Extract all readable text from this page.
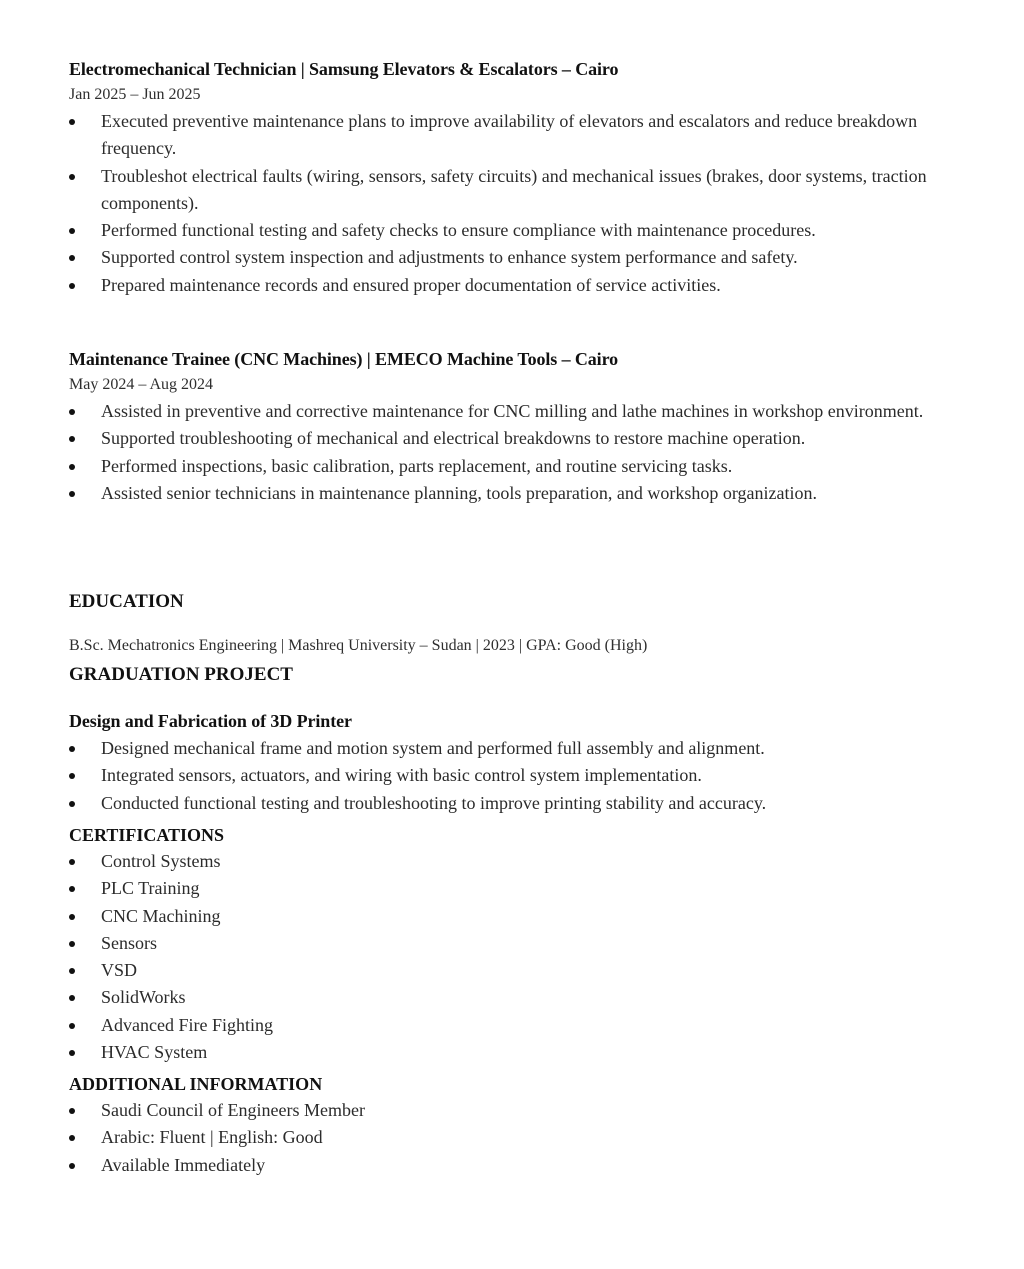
Electromechanical Technician | Samsung Elevators & Escalators – Cairo
Jan 2025 – Jun 2025
Executed preventive maintenance plans to improve availability of elevators and escalators and reduce breakdown frequency.
Troubleshot electrical faults (wiring, sensors, safety circuits) and mechanical issues (brakes, door systems, traction components).
Performed functional testing and safety checks to ensure compliance with maintenance procedures.
Supported control system inspection and adjustments to enhance system performance and safety.
Prepared maintenance records and ensured proper documentation of service activities.
Maintenance Trainee (CNC Machines) | EMECO Machine Tools – Cairo
May 2024 – Aug 2024
Assisted in preventive and corrective maintenance for CNC milling and lathe machines in workshop environment.
Supported troubleshooting of mechanical and electrical breakdowns to restore machine operation.
Performed inspections, basic calibration, parts replacement, and routine servicing tasks.
Assisted senior technicians in maintenance planning, tools preparation, and workshop organization.
EDUCATION
B.Sc. Mechatronics Engineering | Mashreq University – Sudan | 2023 | GPA: Good (High)
GRADUATION PROJECT
Design and Fabrication of 3D Printer
Designed mechanical frame and motion system and performed full assembly and alignment.
Integrated sensors, actuators, and wiring with basic control system implementation.
Conducted functional testing and troubleshooting to improve printing stability and accuracy.
CERTIFICATIONS
Control Systems
PLC Training
CNC Machining
Sensors
VSD
SolidWorks
Advanced Fire Fighting
HVAC System
ADDITIONAL INFORMATION
Saudi Council of Engineers Member
Arabic: Fluent | English: Good
Available Immediately
